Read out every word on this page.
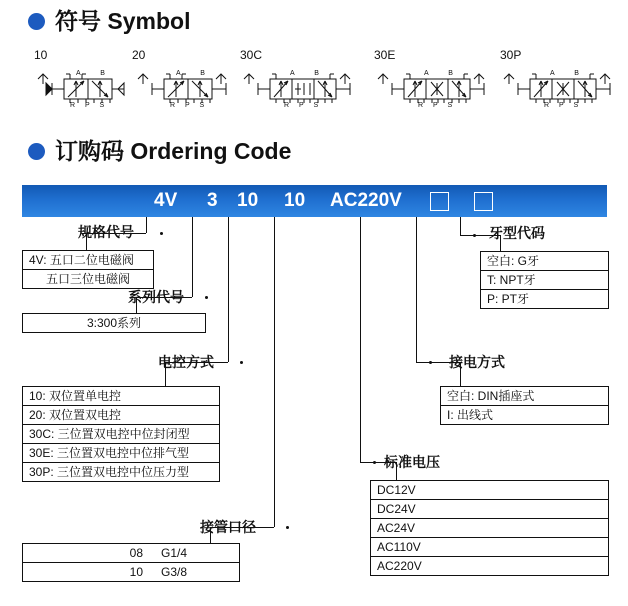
符号 Symbol
10
A B
R P S
20
A B
R P S
30C
A B
R P S
30E
A B
R P S
30P
A B
R P S
订购码 Ordering Code
4V 3 10 10 AC220V
规格代号
4V: 五口二位电磁阀
五口三位电磁阀
系列代号
3:300系列
电控方式
10: 双位置单电控
20: 双位置双电控
30C: 三位置双电控中位封闭型
30E: 三位置双电控中位排气型
30P: 三位置双电控中位压力型
接管口径
08 G1/4
10 G3/8
牙型代码
空白: G牙
T: NPT牙
P: PT牙
接电方式
空白: DIN插座式
I: 出线式
标准电压
DC12V
DC24V
AC24V
AC110V
AC220V
